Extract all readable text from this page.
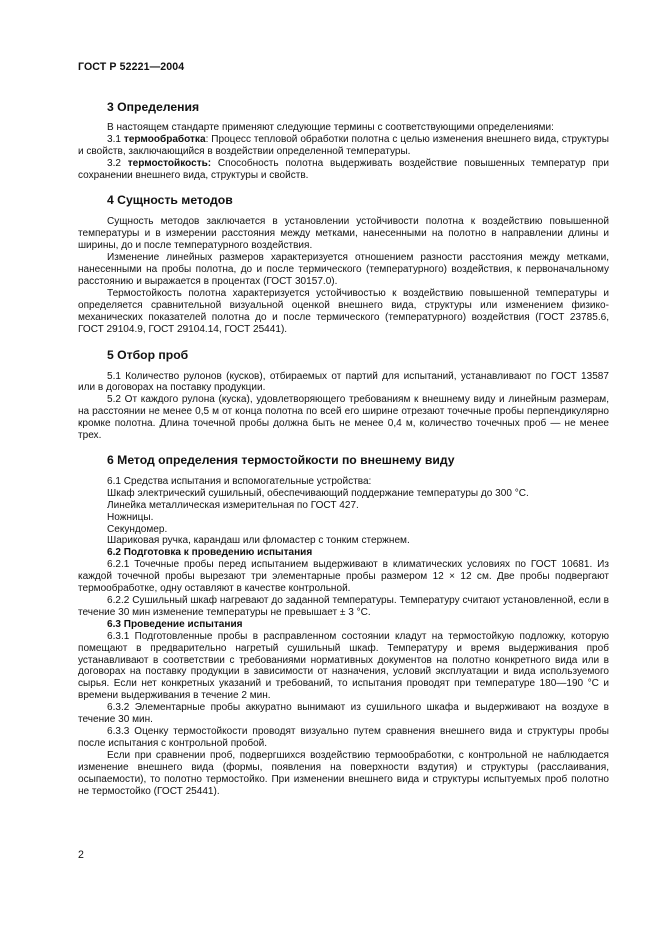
ГОСТ Р 52221—2004
3 Определения

В настоящем стандарте применяют следующие термины с соответствующими определениями:

3.1 термообработка: Процесс тепловой обработки полотна с целью изменения внешнего вида, структуры и свойств, заключающийся в воздействии определенной температуры.

3.2 термостойкость: Способность полотна выдерживать воздействие повышенных температур при сохранении внешнего вида, структуры и свойств.

4 Сущность методов

Сущность методов заключается в установлении устойчивости полотна к воздействию повышенной температуры и в измерении расстояния между метками, нанесенными на полотно в направлении длины и ширины, до и после температурного воздействия.

Изменение линейных размеров характеризуется отношением разности расстояния между метками, нанесенными на пробы полотна, до и после термического (температурного) воздействия, к первоначальному расстоянию и выражается в процентах (ГОСТ 30157.0).

Термостойкость полотна характеризуется устойчивостью к воздействию повышенной температуры и определяется сравнительной визуальной оценкой внешнего вида, структуры или изменением физико-механических показателей полотна до и после термического (температурного) воздействия (ГОСТ 23785.6, ГОСТ 29104.9, ГОСТ 29104.14, ГОСТ 25441).

5 Отбор проб

5.1 Количество рулонов (кусков), отбираемых от партий для испытаний, устанавливают по ГОСТ 13587 или в договорах на поставку продукции.

5.2 От каждого рулона (куска), удовлетворяющего требованиям к внешнему виду и линейным размерам, на расстоянии не менее 0,5 м от конца полотна по всей его ширине отрезают точечные пробы перпендикулярно кромке полотна. Длина точечной пробы должна быть не менее 0,4 м, количество точечных проб — не менее трех.

6 Метод определения термостойкости по внешнему виду

6.1 Средства испытания и вспомогательные устройства:

Шкаф электрический сушильный, обеспечивающий поддержание температуры до 300 °С.

Линейка металлическая измерительная по ГОСТ 427.

Ножницы.

Секундомер.

Шариковая ручка, карандаш или фломастер с тонким стержнем.

6.2 Подготовка к проведению испытания

6.2.1 Точечные пробы перед испытанием выдерживают в климатических условиях по ГОСТ 10681. Из каждой точечной пробы вырезают три элементарные пробы размером 12 × 12 см. Две пробы подвергают термообработке, одну оставляют в качестве контрольной.

6.2.2 Сушильный шкаф нагревают до заданной температуры. Температуру считают установленной, если в течение 30 мин изменение температуры не превышает ± 3 °С.

6.3 Проведение испытания

6.3.1 Подготовленные пробы в расправленном состоянии кладут на термостойкую подложку, которую помещают в предварительно нагретый сушильный шкаф. Температуру и время выдерживания проб устанавливают в соответствии с требованиями нормативных документов на полотно конкретного вида или в договорах на поставку продукции в зависимости от назначения, условий эксплуатации и вида используемого сырья. Если нет конкретных указаний и требований, то испытания проводят при температуре 180—190 °С и времени выдерживания в течение 2 мин.

6.3.2 Элементарные пробы аккуратно вынимают из сушильного шкафа и выдерживают на воздухе в течение 30 мин.

6.3.3 Оценку термостойкости проводят визуально путем сравнения внешнего вида и структуры пробы после испытания с контрольной пробой.

Если при сравнении проб, подвергшихся воздействию термообработки, с контрольной не наблюдается изменение внешнего вида (формы, появления на поверхности вздутия) и структуры (расслаивания, осыпаемости), то полотно термостойко. При изменении внешнего вида и структуры испытуемых проб полотно не термостойко (ГОСТ 25441).

2
